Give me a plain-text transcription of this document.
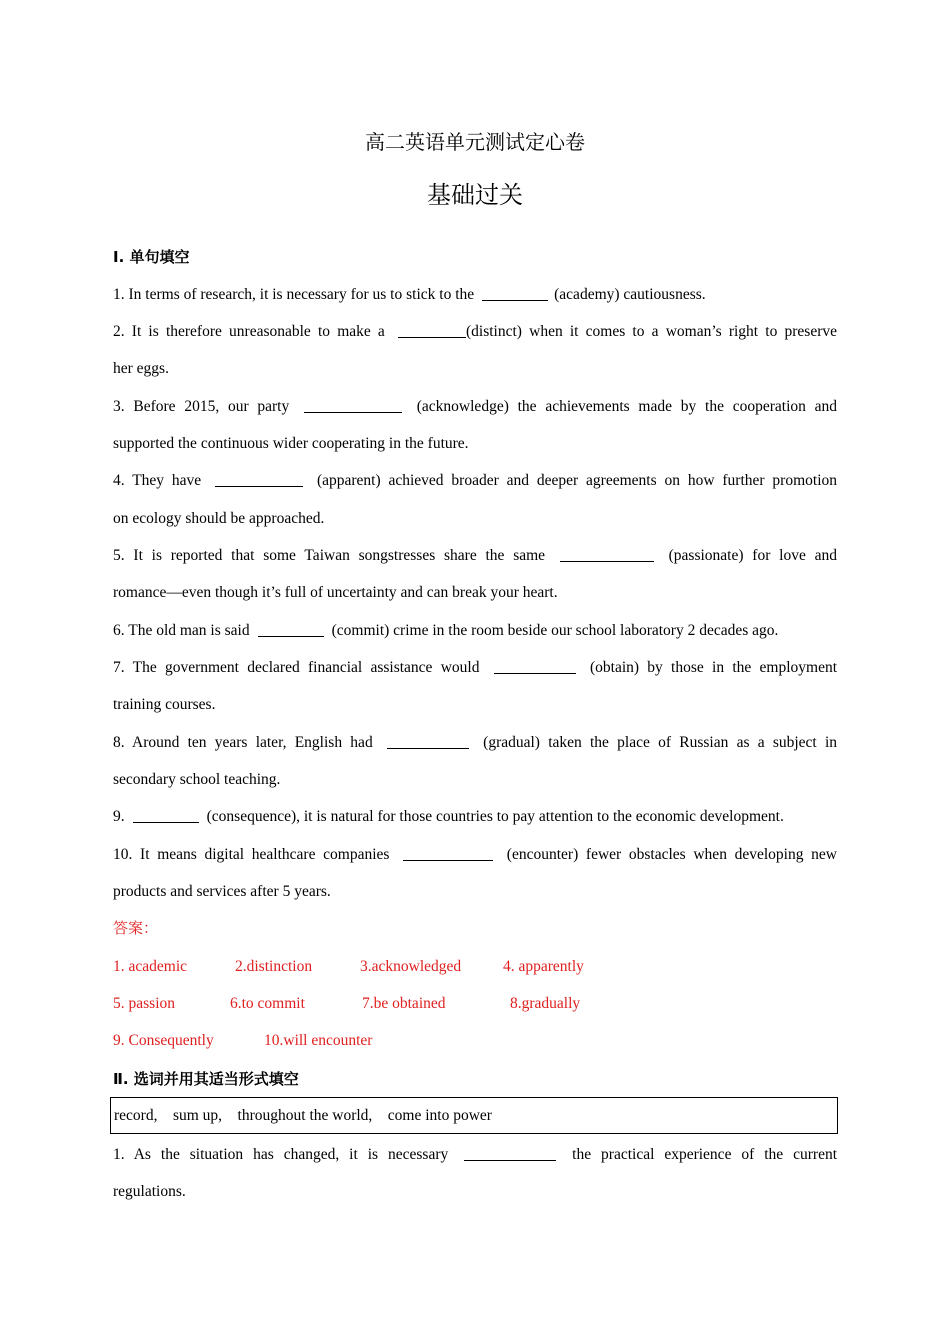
高二英语单元测试定心卷
基础过关
Ⅰ. 单句填空
1. In terms of research, it is necessary for us to stick to the	(academy) cautiousness.
2. It is therefore unreasonable to make a	(distinct) when it comes to a woman’s right to preserve
her eggs.
3. Before 2015, our party	(acknowledge) the achievements made by the cooperation and
supported the continuous wider cooperating in the future.
4. They have	(apparent) achieved broader and deeper agreements on how further promotion
on ecology should be approached.
5. It is reported that some Taiwan songstresses share the same	(passionate) for love and
romance—even though it’s full of uncertainty and can break your heart.
6. The old man is said	(commit) crime in the room beside our school laboratory 2 decades ago.
7. The government declared financial assistance would	(obtain) by those in the employment
training courses.
8. Around ten years later, English had	(gradual) taken the place of Russian as a subject in
secondary school teaching.
9.	(consequence), it is natural for those countries to pay attention to the economic development.
10. It means digital healthcare companies	(encounter) fewer obstacles when developing new
products and services after 5 years.
答案：
1. academic	2.distinction	3.acknowledged	4. apparently
5. passion	6.to commit	7.be obtained	8.gradually
9. Consequently	10.will encounter
Ⅱ. 选词并用其适当形式填空
record,    sum up,    throughout the world,    come into power
1. As the situation has changed, it is necessary	the practical experience of the current
regulations.
